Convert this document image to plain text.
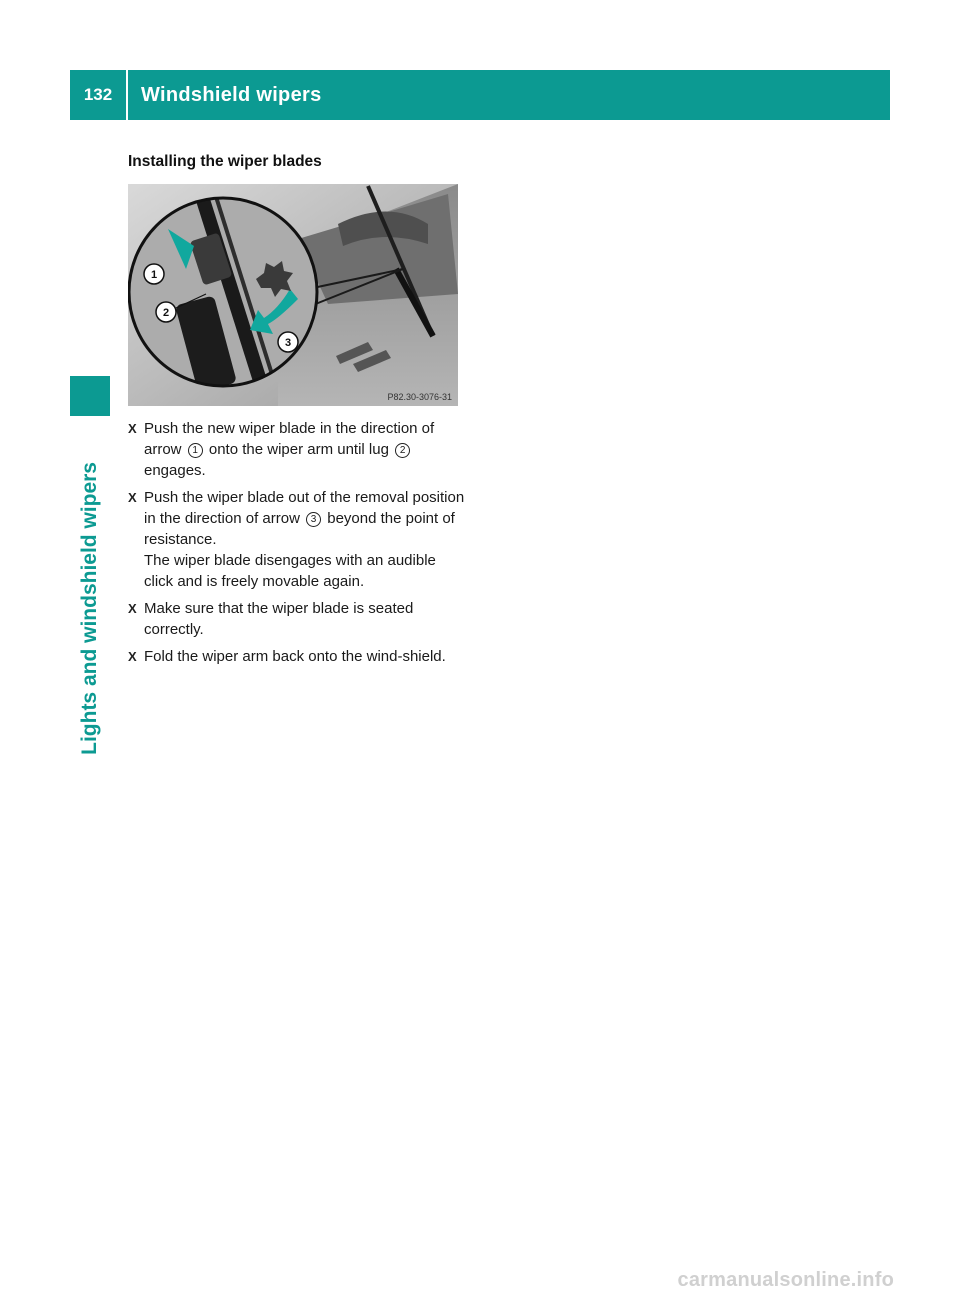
132	Windshield wipers
Lights and windshield wipers
Installing the wiper blades
1
2
3
P82.30-3076-31
X Push the new wiper blade in the direction of arrow 1 onto the wiper arm until lug 2 engages.
X Push the wiper blade out of the removal position in the direction of arrow 3 beyond the point of resistance.
The wiper blade disengages with an audible click and is freely movable again.
X Make sure that the wiper blade is seated correctly.
X Fold the wiper arm back onto the wind-shield.
carmanualsonline.info
